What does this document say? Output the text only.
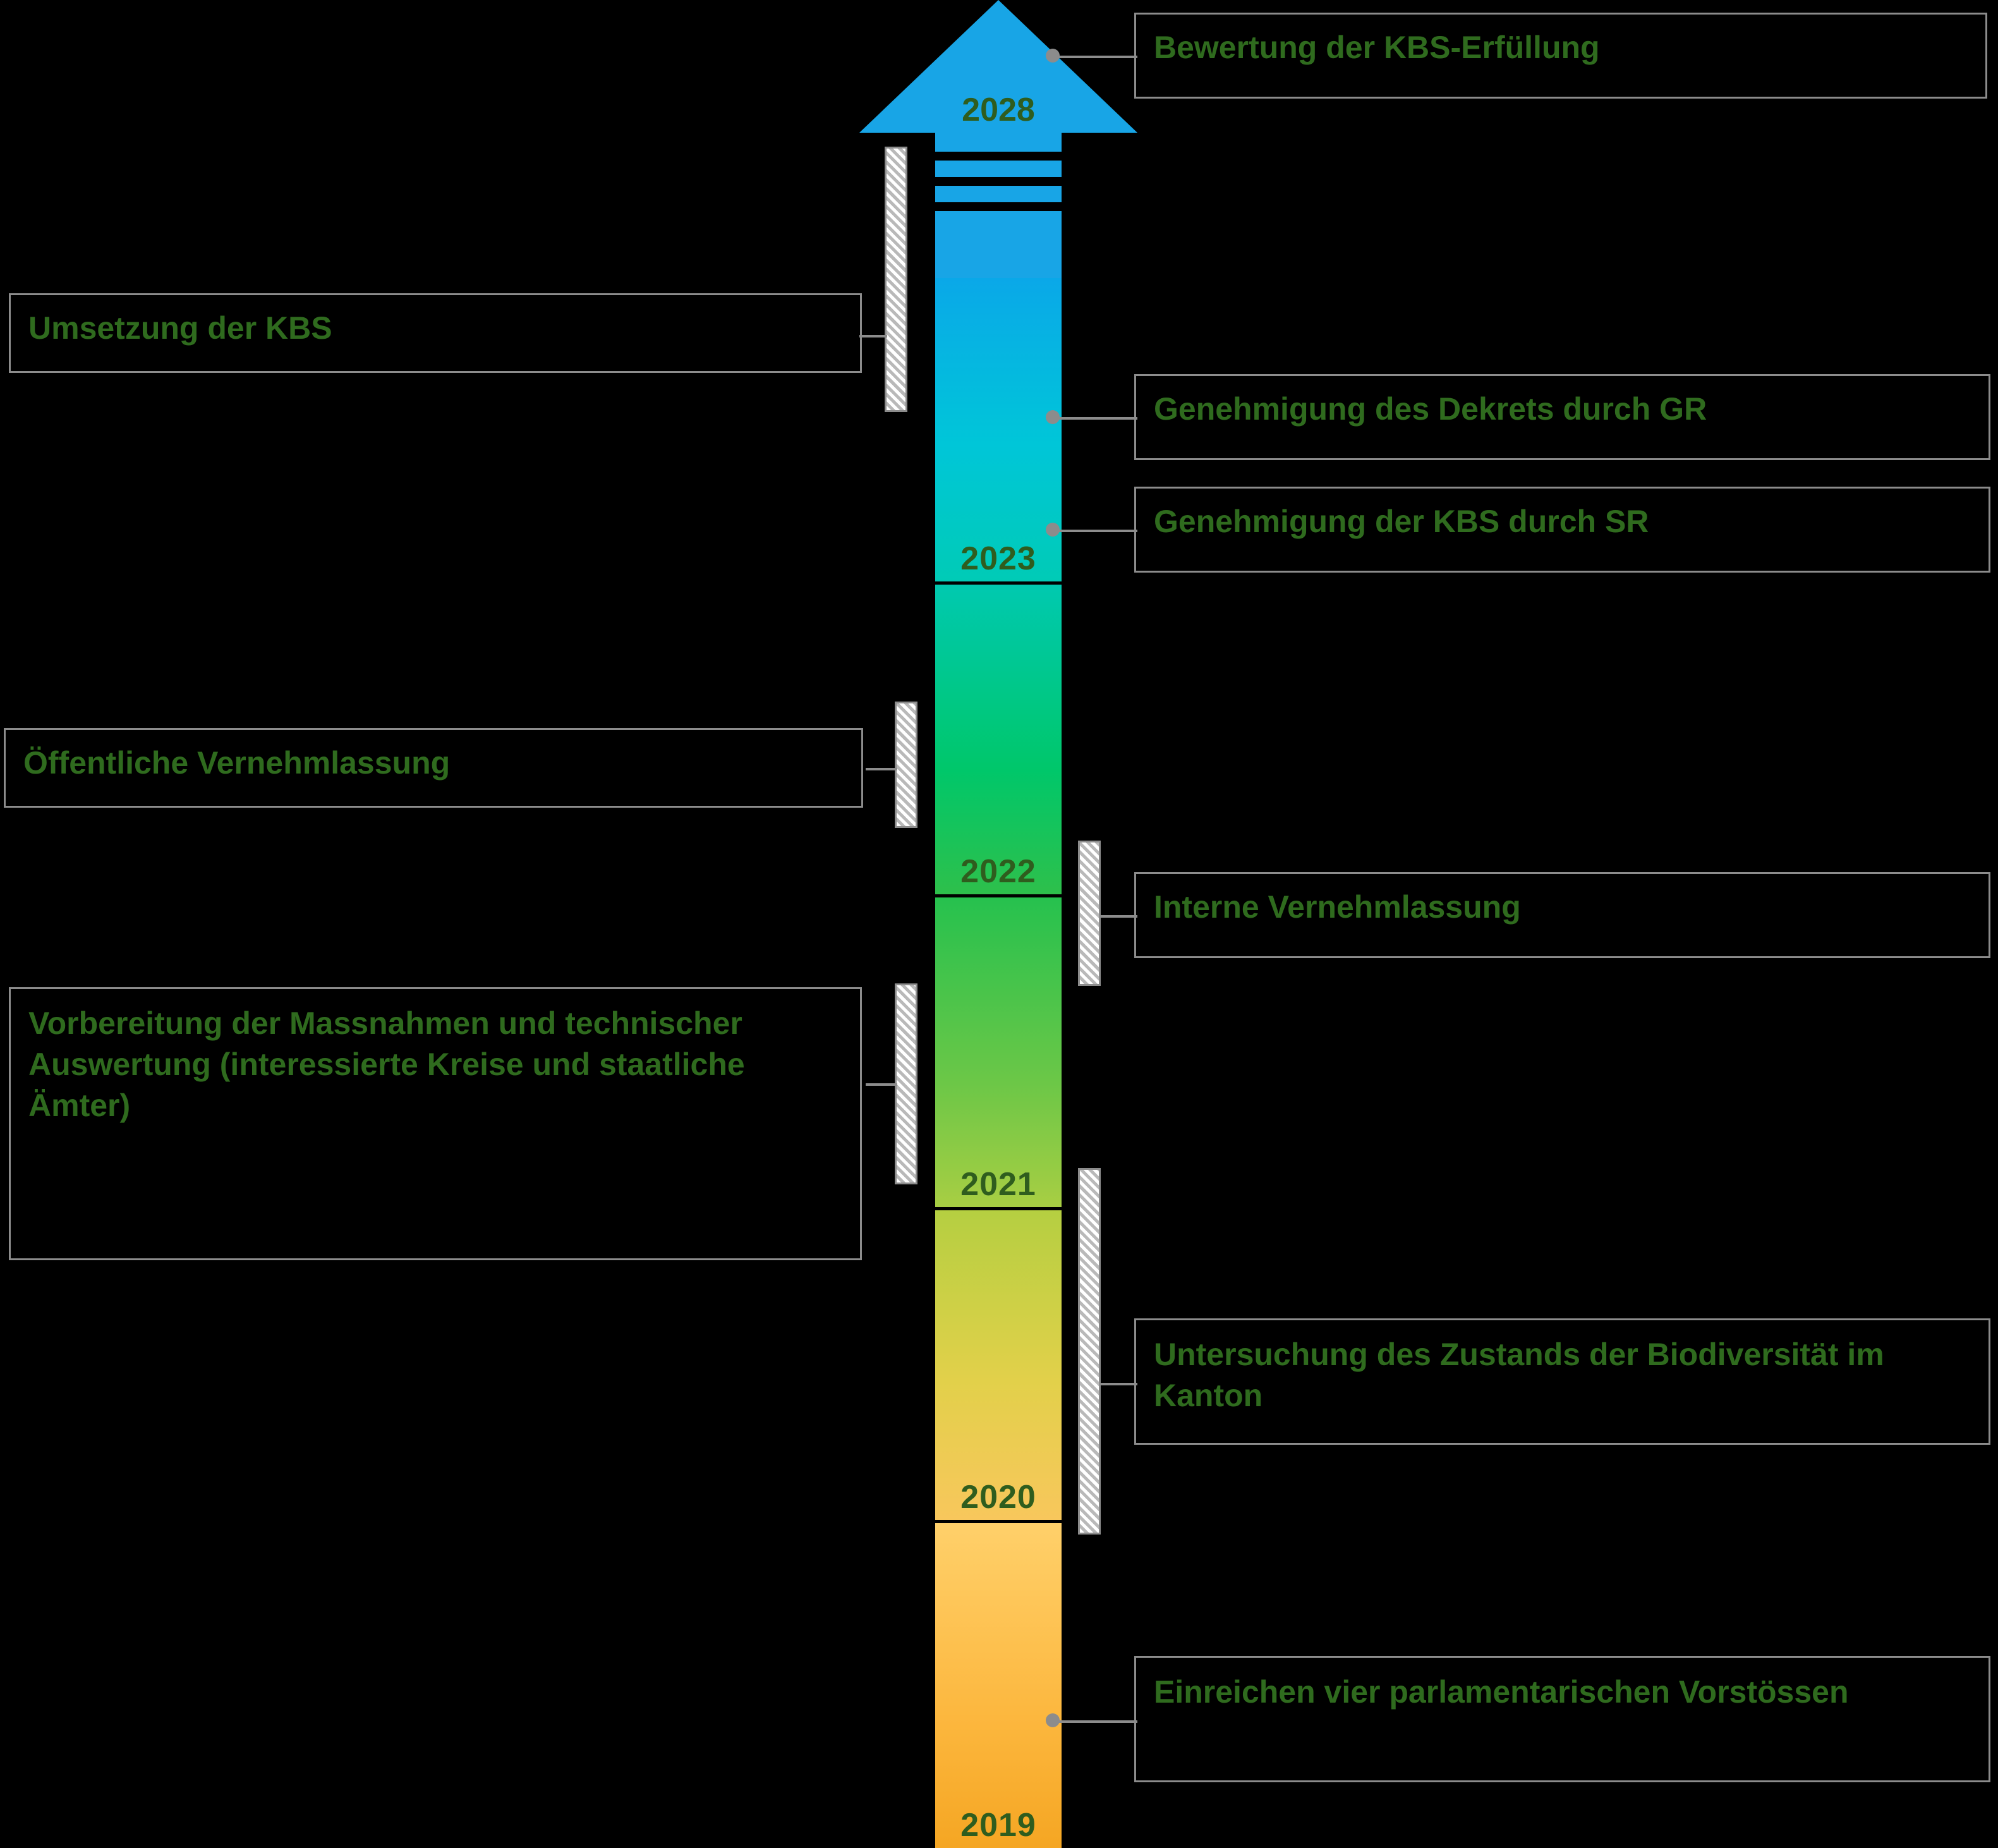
2028
2023
2022
2021
2020
2019
Bewertung der KBS-Erfüllung
Genehmigung des Dekrets durch GR
Genehmigung der KBS durch SR
Interne Vernehmlassung
Untersuchung des Zustands der Biodiversität im Kanton
Einreichen vier parlamentarischen Vorstössen
Umsetzung der KBS
Öffentliche Vernehmlassung
Vorbereitung der Massnahmen und technischer Auswertung (interessierte Kreise und staatliche Ämter)
